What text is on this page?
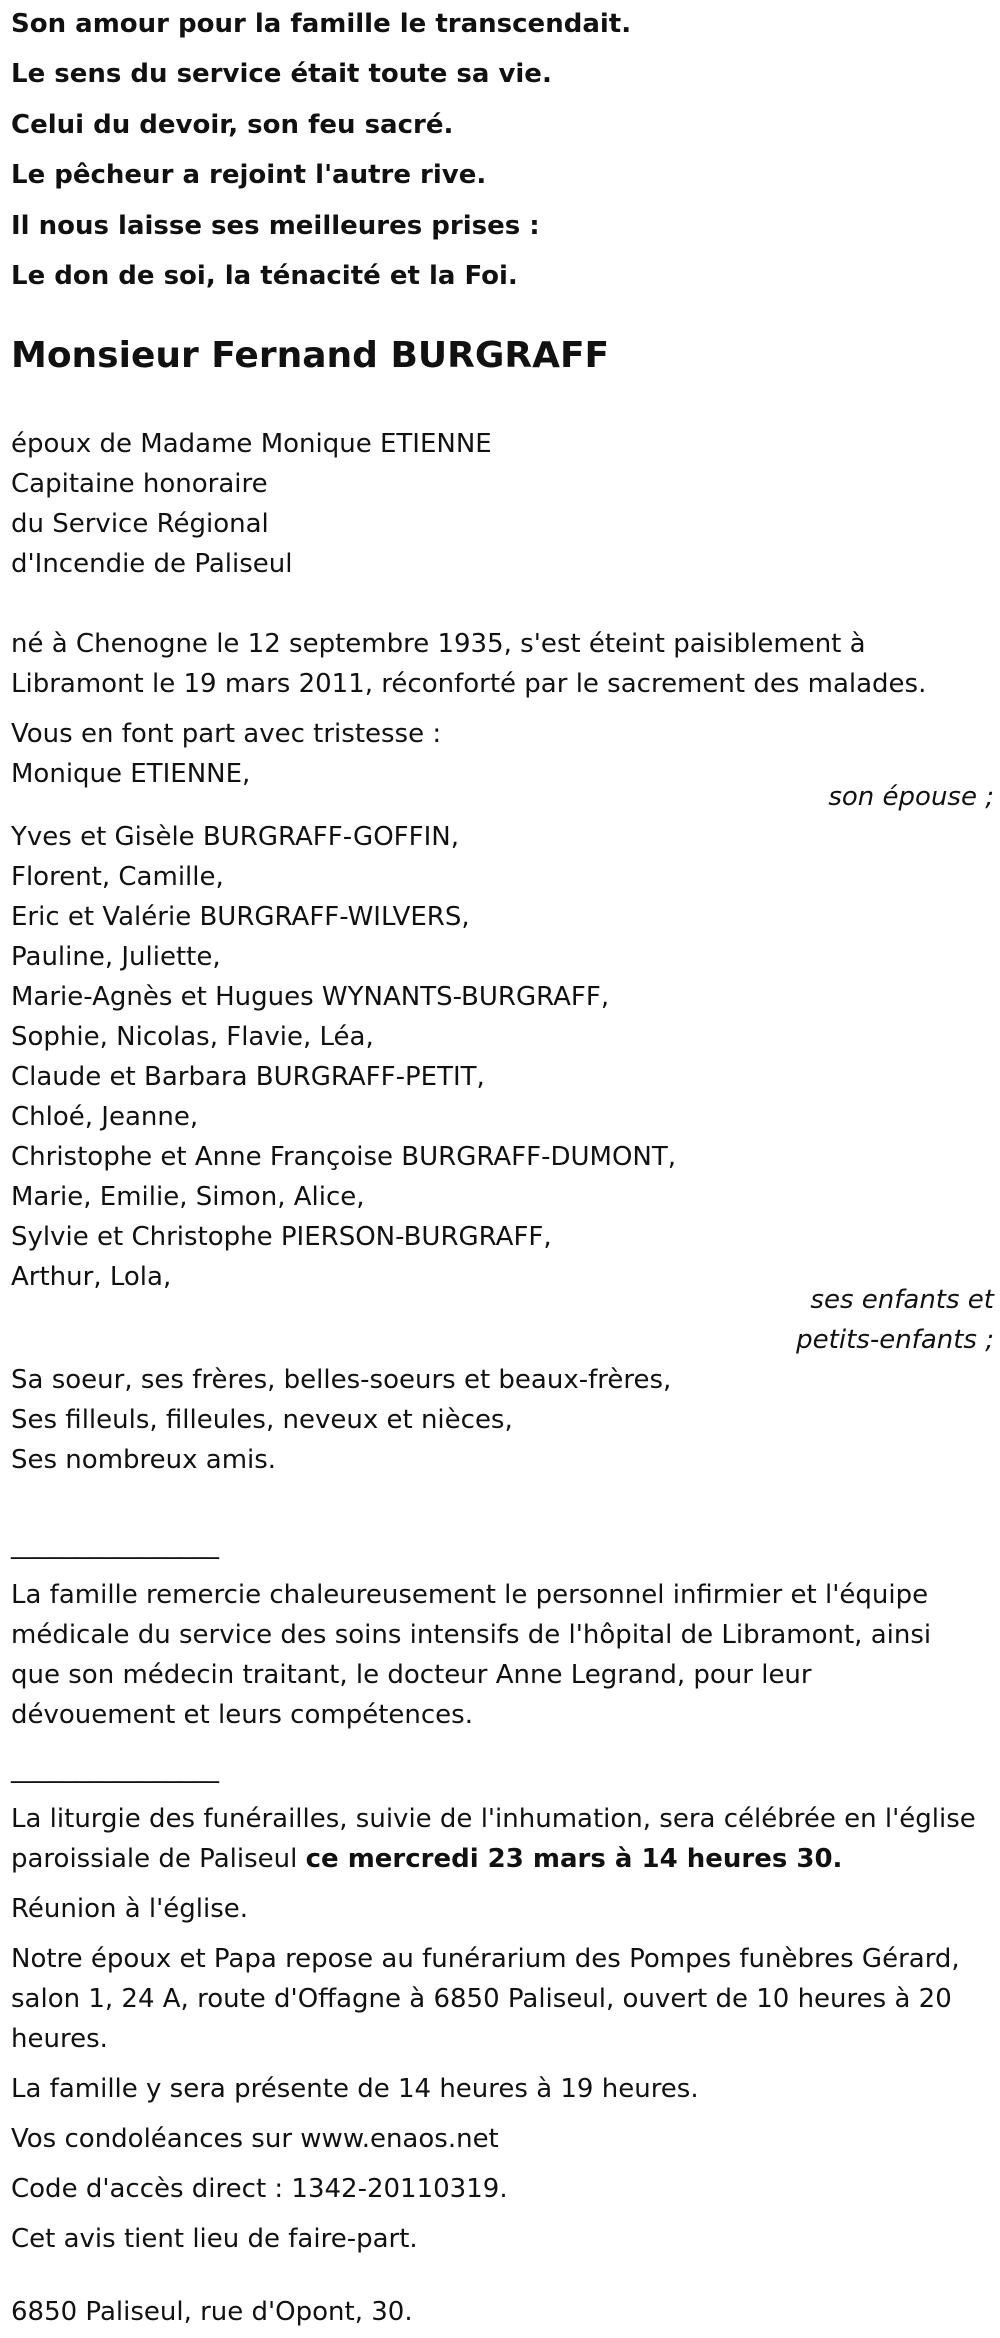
Son amour pour la famille le transcendait.
Le sens du service était toute sa vie.
Celui du devoir, son feu sacré.
Le pêcheur a rejoint l'autre rive.
Il nous laisse ses meilleures prises :
Le don de soi, la ténacité et la Foi.
Monsieur Fernand BURGRAFF
époux de Madame Monique ETIENNE
Capitaine honoraire
du Service Régional
d'Incendie de Paliseul
né à Chenogne le 12 septembre 1935, s'est éteint paisiblement à
Libramont le 19 mars 2011, réconforté par le sacrement des malades.
Vous en font part avec tristesse :
Monique ETIENNE,
son épouse ;
Yves et Gisèle BURGRAFF-GOFFIN,
Florent, Camille,
Eric et Valérie BURGRAFF-WILVERS,
Pauline, Juliette,
Marie-Agnès et Hugues WYNANTS-BURGRAFF,
Sophie, Nicolas, Flavie, Léa,
Claude et Barbara BURGRAFF-PETIT,
Chloé, Jeanne,
Christophe et Anne Françoise BURGRAFF-DUMONT,
Marie, Emilie, Simon, Alice,
Sylvie et Christophe PIERSON-BURGRAFF,
Arthur, Lola,
ses enfants et
petits-enfants ;
Sa soeur, ses frères, belles-soeurs et beaux-frères,
Ses filleuls, filleules, neveux et nièces,
Ses nombreux amis.
________________
La famille remercie chaleureusement le personnel infirmier et l'équipe
médicale du service des soins intensifs de l'hôpital de Libramont, ainsi
que son médecin traitant, le docteur Anne Legrand, pour leur
dévouement et leurs compétences.
________________
La liturgie des funérailles, suivie de l'inhumation, sera célébrée en l'église
paroissiale de Paliseul ce mercredi 23 mars à 14 heures 30.
Réunion à l'église.
Notre époux et Papa repose au funérarium des Pompes funèbres Gérard,
salon 1, 24 A, route d'Offagne à 6850 Paliseul, ouvert de 10 heures à 20
heures.
La famille y sera présente de 14 heures à 19 heures.
Vos condoléances sur www.enaos.net
Code d'accès direct : 1342-20110319.
Cet avis tient lieu de faire-part.
6850 Paliseul, rue d'Opont, 30.
